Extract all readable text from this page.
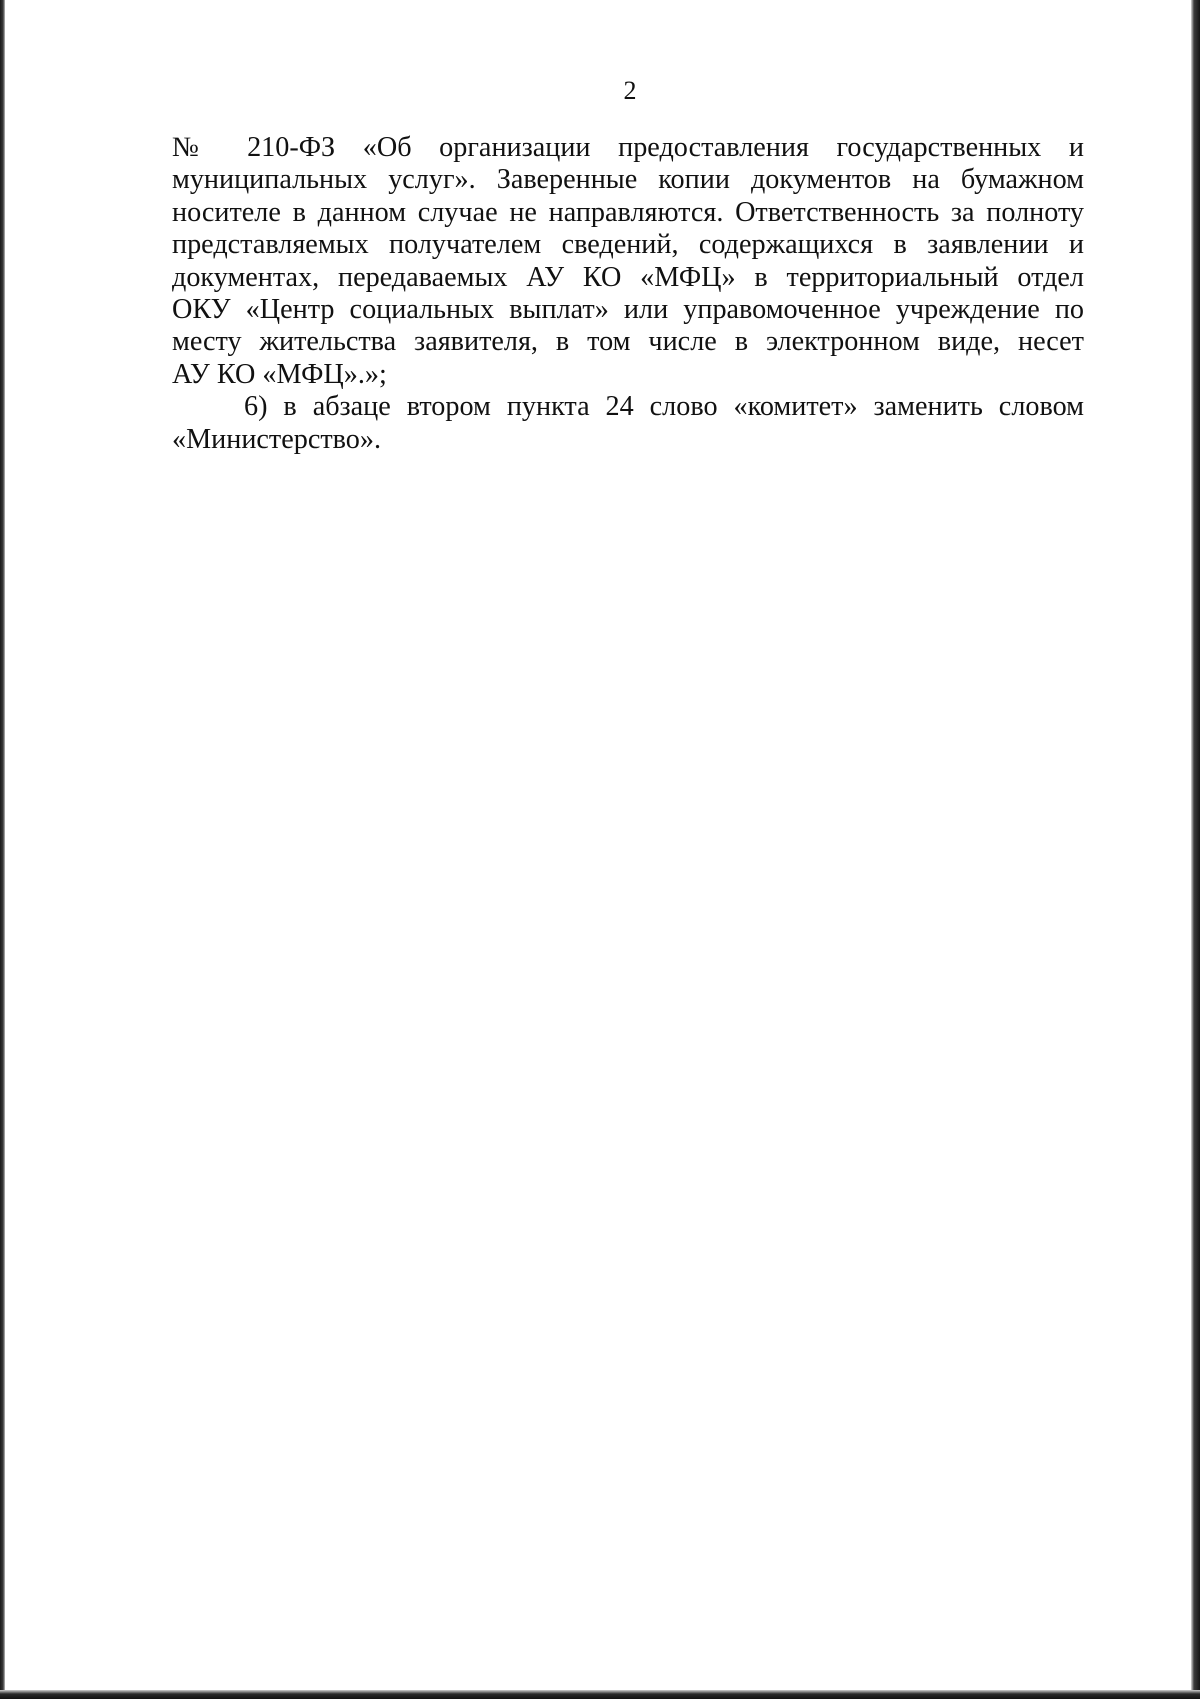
2
№ 210-ФЗ «Об организации предоставления государственных и
муниципальных услуг». Заверенные копии документов на бумажном
носителе в данном случае не направляются. Ответственность за полноту
представляемых получателем сведений, содержащихся в заявлении и
документах, передаваемых АУ КО «МФЦ» в территориальный отдел
ОКУ «Центр социальных выплат» или управомоченное учреждение по
месту жительства заявителя, в том числе в электронном виде, несет
АУ КО «МФЦ».»;
6) в абзаце втором пункта 24 слово «комитет» заменить словом
«Министерство».
